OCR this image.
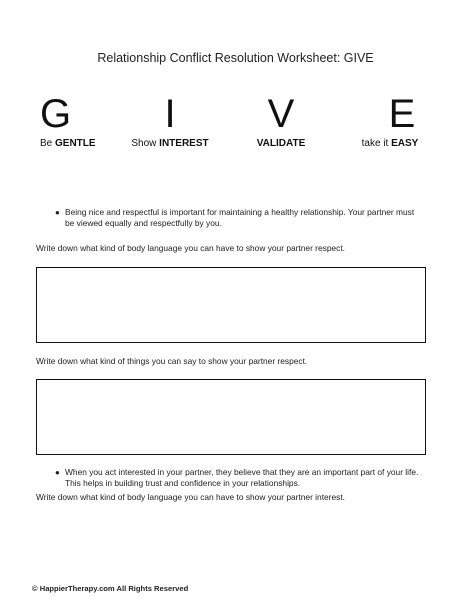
Relationship Conflict Resolution Worksheet: GIVE
G
Be GENTLE
I
Show INTEREST
V
VALIDATE
E
take it EASY
● Being nice and respectful is important for maintaining a healthy relationship. Your partner must be viewed equally and respectfully by you.
Write down what kind of body language you can have to show your partner respect.
Write down what kind of things you can say to show your partner respect.
● When you act interested in your partner, they believe that they are an important part of your life. This helps in building trust and confidence in your relationships.
Write down what kind of body language you can have to show your partner interest.
© HappierTherapy.com All Rights Reserved
